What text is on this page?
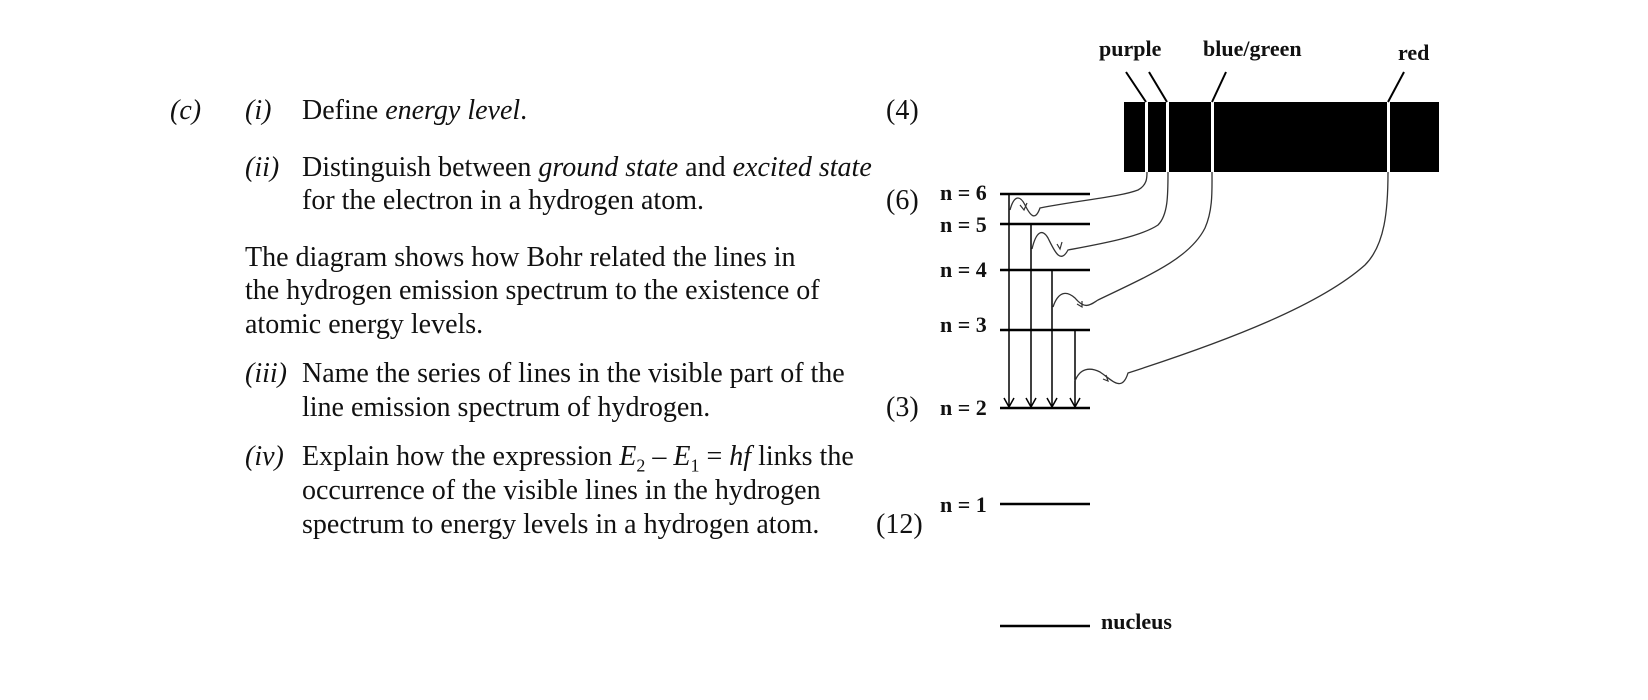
(c) (i) Define energy level.	(4)
(ii) Distinguish between ground state and excited state
for the electron in a hydrogen atom.	(6)
The diagram shows how Bohr related the lines in
the hydrogen emission spectrum to the existence of
atomic energy levels.
(iii) Name the series of lines in the visible part of the
line emission spectrum of hydrogen.	(3)
(iv) Explain how the expression $E_2 - E_1$ = hf links the
occurrence of the visible lines in the hydrogen
spectrum to energy levels in a hydrogen atom. (12)
purple blue/green	red
n = 6
n = 5
n = 4
n = 3
n = 2
n = 1
nucleus
